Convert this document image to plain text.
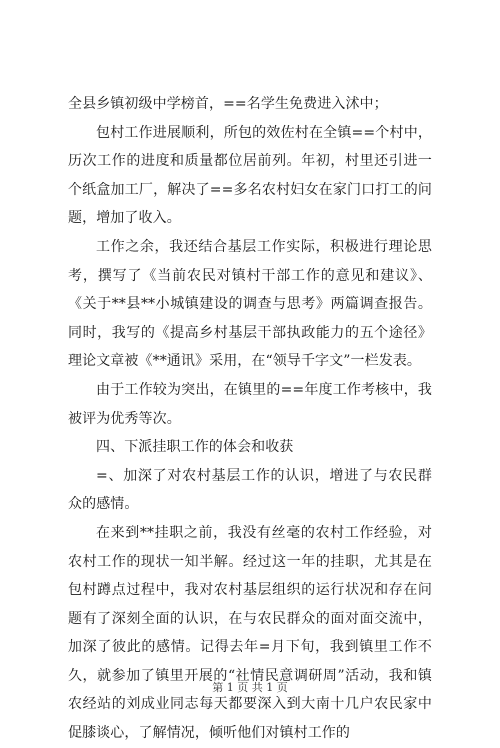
全县乡镇初级中学榜首，==名学生免费进入沭中；

包村工作进展顺利，所包的效佐村在全镇==个村中，历次工作的进度和质量都位居前列。年初，村里还引进一个纸盒加工厂，解决了==多名农村妇女在家门口打工的问题，增加了收入。

工作之余，我还结合基层工作实际，积极进行理论思考，撰写了《当前农民对镇村干部工作的意见和建议》、《关于**县**小城镇建设的调查与思考》两篇调查报告。同时，我写的《提高乡村基层干部执政能力的五个途径》理论文章被《**通讯》采用，在“领导千字文”一栏发表。

由于工作较为突出，在镇里的==年度工作考核中，我被评为优秀等次。

四、下派挂职工作的体会和收获

=、加深了对农村基层工作的认识，增进了与农民群众的感情。

在来到**挂职之前，我没有丝毫的农村工作经验，对农村工作的现状一知半解。经过这一年的挂职，尤其是在包村蹲点过程中，我对农村基层组织的运行状况和存在问题有了深刻全面的认识，在与农民群众的面对面交流中，加深了彼此的感情。记得去年=月下旬，我到镇里工作不久，就参加了镇里开展的“社情民意调研周”活动，我和镇农经站的刘成业同志每天都要深入到大南十几户农民家中促膝谈心，了解情况，倾听他们对镇村工作的

第 1 页 共 1 页
